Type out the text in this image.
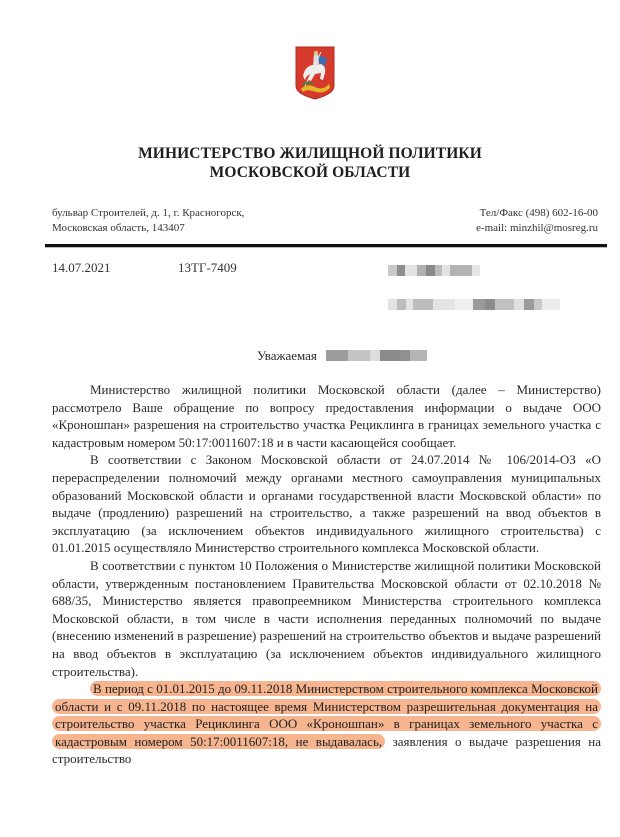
МИНИСТЕРСТВО ЖИЛИЩНОЙ ПОЛИТИКИ
МОСКОВСКОЙ ОБЛАСТИ
бульвар Строителей, д. 1, г. Красногорск,
Московская область, 143407
Тел/Факс (498) 602-16-00
e-mail: minzhil@mosreg.ru
14.07.2021	13ТГ-7409
Уважаемая

Министерство жилищной политики Московской области (далее – Министерство) рассмотрело Ваше обращение по вопросу предоставления информации о выдаче ООО «Кроношпан» разрешения на строительство участка Рециклинга в границах земельного участка с кадастровым номером 50:17:0011607:18 и в части касающейся сообщает.

В соответствии с Законом Московской области от 24.07.2014 № 106/2014-ОЗ «О перераспределении полномочий между органами местного самоуправления муниципальных образований Московской области и органами государственной власти Московской области» по выдаче (продлению) разрешений на строительство, а также разрешений на ввод объектов в эксплуатацию (за исключением объектов индивидуального жилищного строительства) с 01.01.2015 осуществляло Министерство строительного комплекса Московской области.

В соответствии с пунктом 10 Положения о Министерстве жилищной политики Московской области, утвержденным постановлением Правительства Московской области от 02.10.2018 № 688/35, Министерство является правопреемником Министерства строительного комплекса Московской области, в том числе в части исполнения переданных полномочий по выдаче (внесению изменений в разрешение) разрешений на строительство объектов и выдаче разрешений на ввод объектов в эксплуатацию (за исключением объектов индивидуального жилищного строительства).

В период с 01.01.2015 до 09.11.2018 Министерством строительного комплекса Московской области и с 09.11.2018 по настоящее время Министерством разрешительная документация на строительство участка Рециклинга ООО «Кроношпан» в границах земельного участка с кадастровым номером 50:17:0011607:18, не выдавалась, заявления о выдаче разрешения на строительство
